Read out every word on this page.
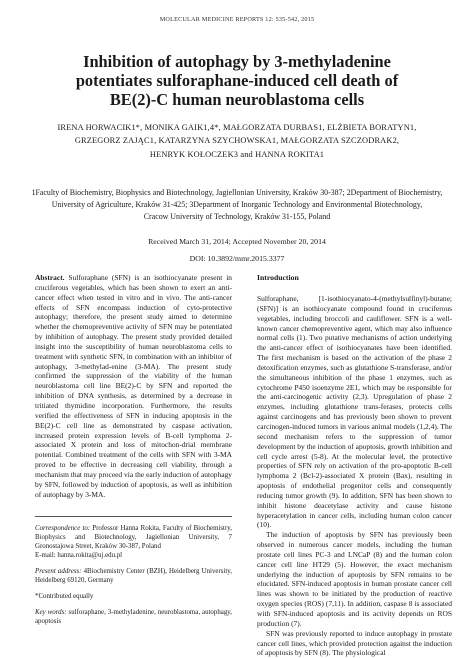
MOLECULAR MEDICINE REPORTS 12: 535-542, 2015
Inhibition of autophagy by 3-methyladenine
potentiates sulforaphane-induced cell death of
BE(2)-C human neuroblastoma cells
IRENA HORWACIK1*, MONIKA GAIK1,4*, MAŁGORZATA DURBAS1, ELŻBIETA BORATYN1,
GRZEGORZ ZAJĄC1, KATARZYNA SZYCHOWSKA1, MAŁGORZATA SZCZODRAK2,
HENRYK KOŁOCZEK3 and HANNA ROKITA1
1Faculty of Biochemistry, Biophysics and Biotechnology, Jagiellonian University, Kraków 30-387; 2Department of Biochemistry,
University of Agriculture, Kraków 31-425; 3Department of Inorganic Technology and Environmental Biotechnology,
Cracow University of Technology, Kraków 31-155, Poland
Received March 31, 2014; Accepted November 20, 2014
DOI: 10.3892/mmr.2015.3377

Abstract. Sulforaphane (SFN) is an isothiocyanate present in cruciferous vegetables, which has been shown to exert an anti-cancer effect when tested in vitro and in vivo. The anti-cancer effects of SFN encompass induction of cyto-protective autophagy; therefore, the present study aimed to determine whether the chemopreventive activity of SFN may be potentiated by inhibition of autophagy. The present study provided detailed insight into the susceptibility of human neuroblastoma cells to treatment with synthetic SFN, in combination with an inhibitor of autophagy, 3-methylad-enine (3-MA). The present study confirmed the suppression of the viability of the human neuroblastoma cell line BE(2)-C by SFN and reported the inhibition of DNA synthesis, as determined by a decrease in tritiated thymidine incorporation. Furthermore, the results verified the effectiveness of SFN in inducing apoptosis in the BE(2)-C cell line as demonstrated by caspase activation, increased protein expression levels of B-cell lymphoma 2-associated X protein and loss of mitochon-drial membrane potential. Combined treatment of the cells with SFN with 3-MA proved to be effective in decreasing cell viability, through a mechanism that may proceed via the early induction of autophagy by SFN, followed by induction of apoptosis, as well as inhibition of autophagy by 3-MA.

Correspondence to: Professor Hanna Rokita, Faculty of Biochemistry, Biophysics and Biotechnology, Jagiellonian University, 7 Gronostajowa Street, Kraków 30-387, Poland
E-mail: hanna.rokita@uj.edu.pl

Present address: 4Biochemistry Center (BZH), Heidelberg University, Heidelberg 69120, Germany

*Contributed equally

Key words: sulforaphane, 3-methyladenine, neuroblastoma, autophagy, apoptosis

Introduction

Sulforaphane, [1-isothiocyanato-4-(methylsulfinyl)-butane; (SFN)] is an isothiocyanate compound found in cruciferous vegetables, including broccoli and cauliflower. SFN is a well-known cancer chemopreventive agent, which may also influence normal cells (1). Two putative mechanisms of action underlying the anti-cancer effect of isothiocyanates have been identified. The first mechanism is based on the activation of the phase 2 detoxification enzymes, such as glutathione S-transferase, and/or the simultaneous inhibition of the phase 1 enzymes, such as cytochrome P450 isoenzyme 2E1, which may be responsible for the anti-carcinogenic activity (2,3). Upregulation of phase 2 enzymes, including glutathione trans-ferases, protects cells against carcinogens and has previously been shown to prevent carcinogen-induced tumors in various animal models (1,2,4). The second mechanism refers to the suppression of tumor development by the induction of apoptosis, growth inhibition and cell cycle arrest (5-8). At the molecular level, the protective properties of SFN rely on activation of the pro-apoptotic B-cell lymphoma 2 (Bcl-2)-associated X protein (Bax), resulting in apoptosis of endothelial progenitor cells and consequently reducing tumor growth (9). In addition, SFN has been shown to inhibit histone deacetylase activity and cause histone hyperacetylation in cancer cells, including human colon cancer (10).

The induction of apoptosis by SFN has previously been observed in numerous cancer models, including the human prostate cell lines PC-3 and LNCaP (8) and the human colon cancer cell line HT29 (5). However, the exact mechanism underlying the induction of apoptosis by SFN remains to be elucidated. SFN-induced apoptosis in human prostate cancer cell lines was shown to be initiated by the production of reactive oxygen species (ROS) (7,11). In addition, caspase 8 is associated with SFN-induced apoptosis and its activity depends on ROS production (7).

SFN was previously reported to induce autophagy in prostate cancer cell lines, which provided protection against the induction of apoptosis by SFN (8). The physiological
